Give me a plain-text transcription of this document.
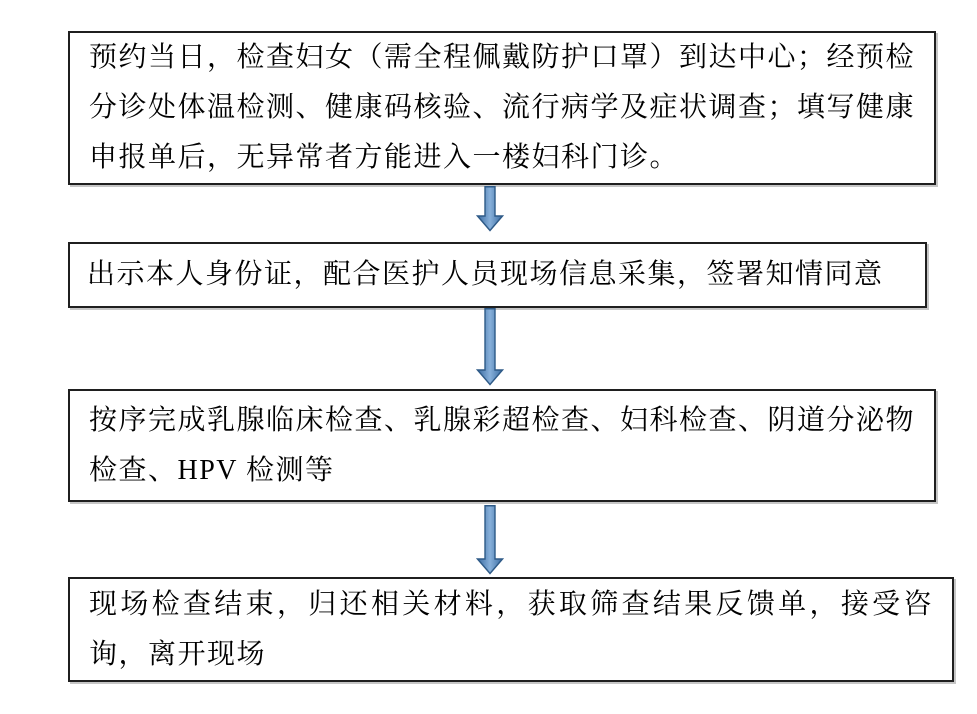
预约当日，检查妇女（需全程佩戴防护口罩）到达中心；经预检分诊处体温检测、健康码核验、流行病学及症状调查；填写健康申报单后，无异常者方能进入一楼妇科门诊。

出示本人身份证，配合医护人员现场信息采集，签署知情同意

按序完成乳腺临床检查、乳腺彩超检查、妇科检查、阴道分泌物检查、HPV 检测等

现场检查结束，归还相关材料，获取筛查结果反馈单，接受咨询，离开现场
